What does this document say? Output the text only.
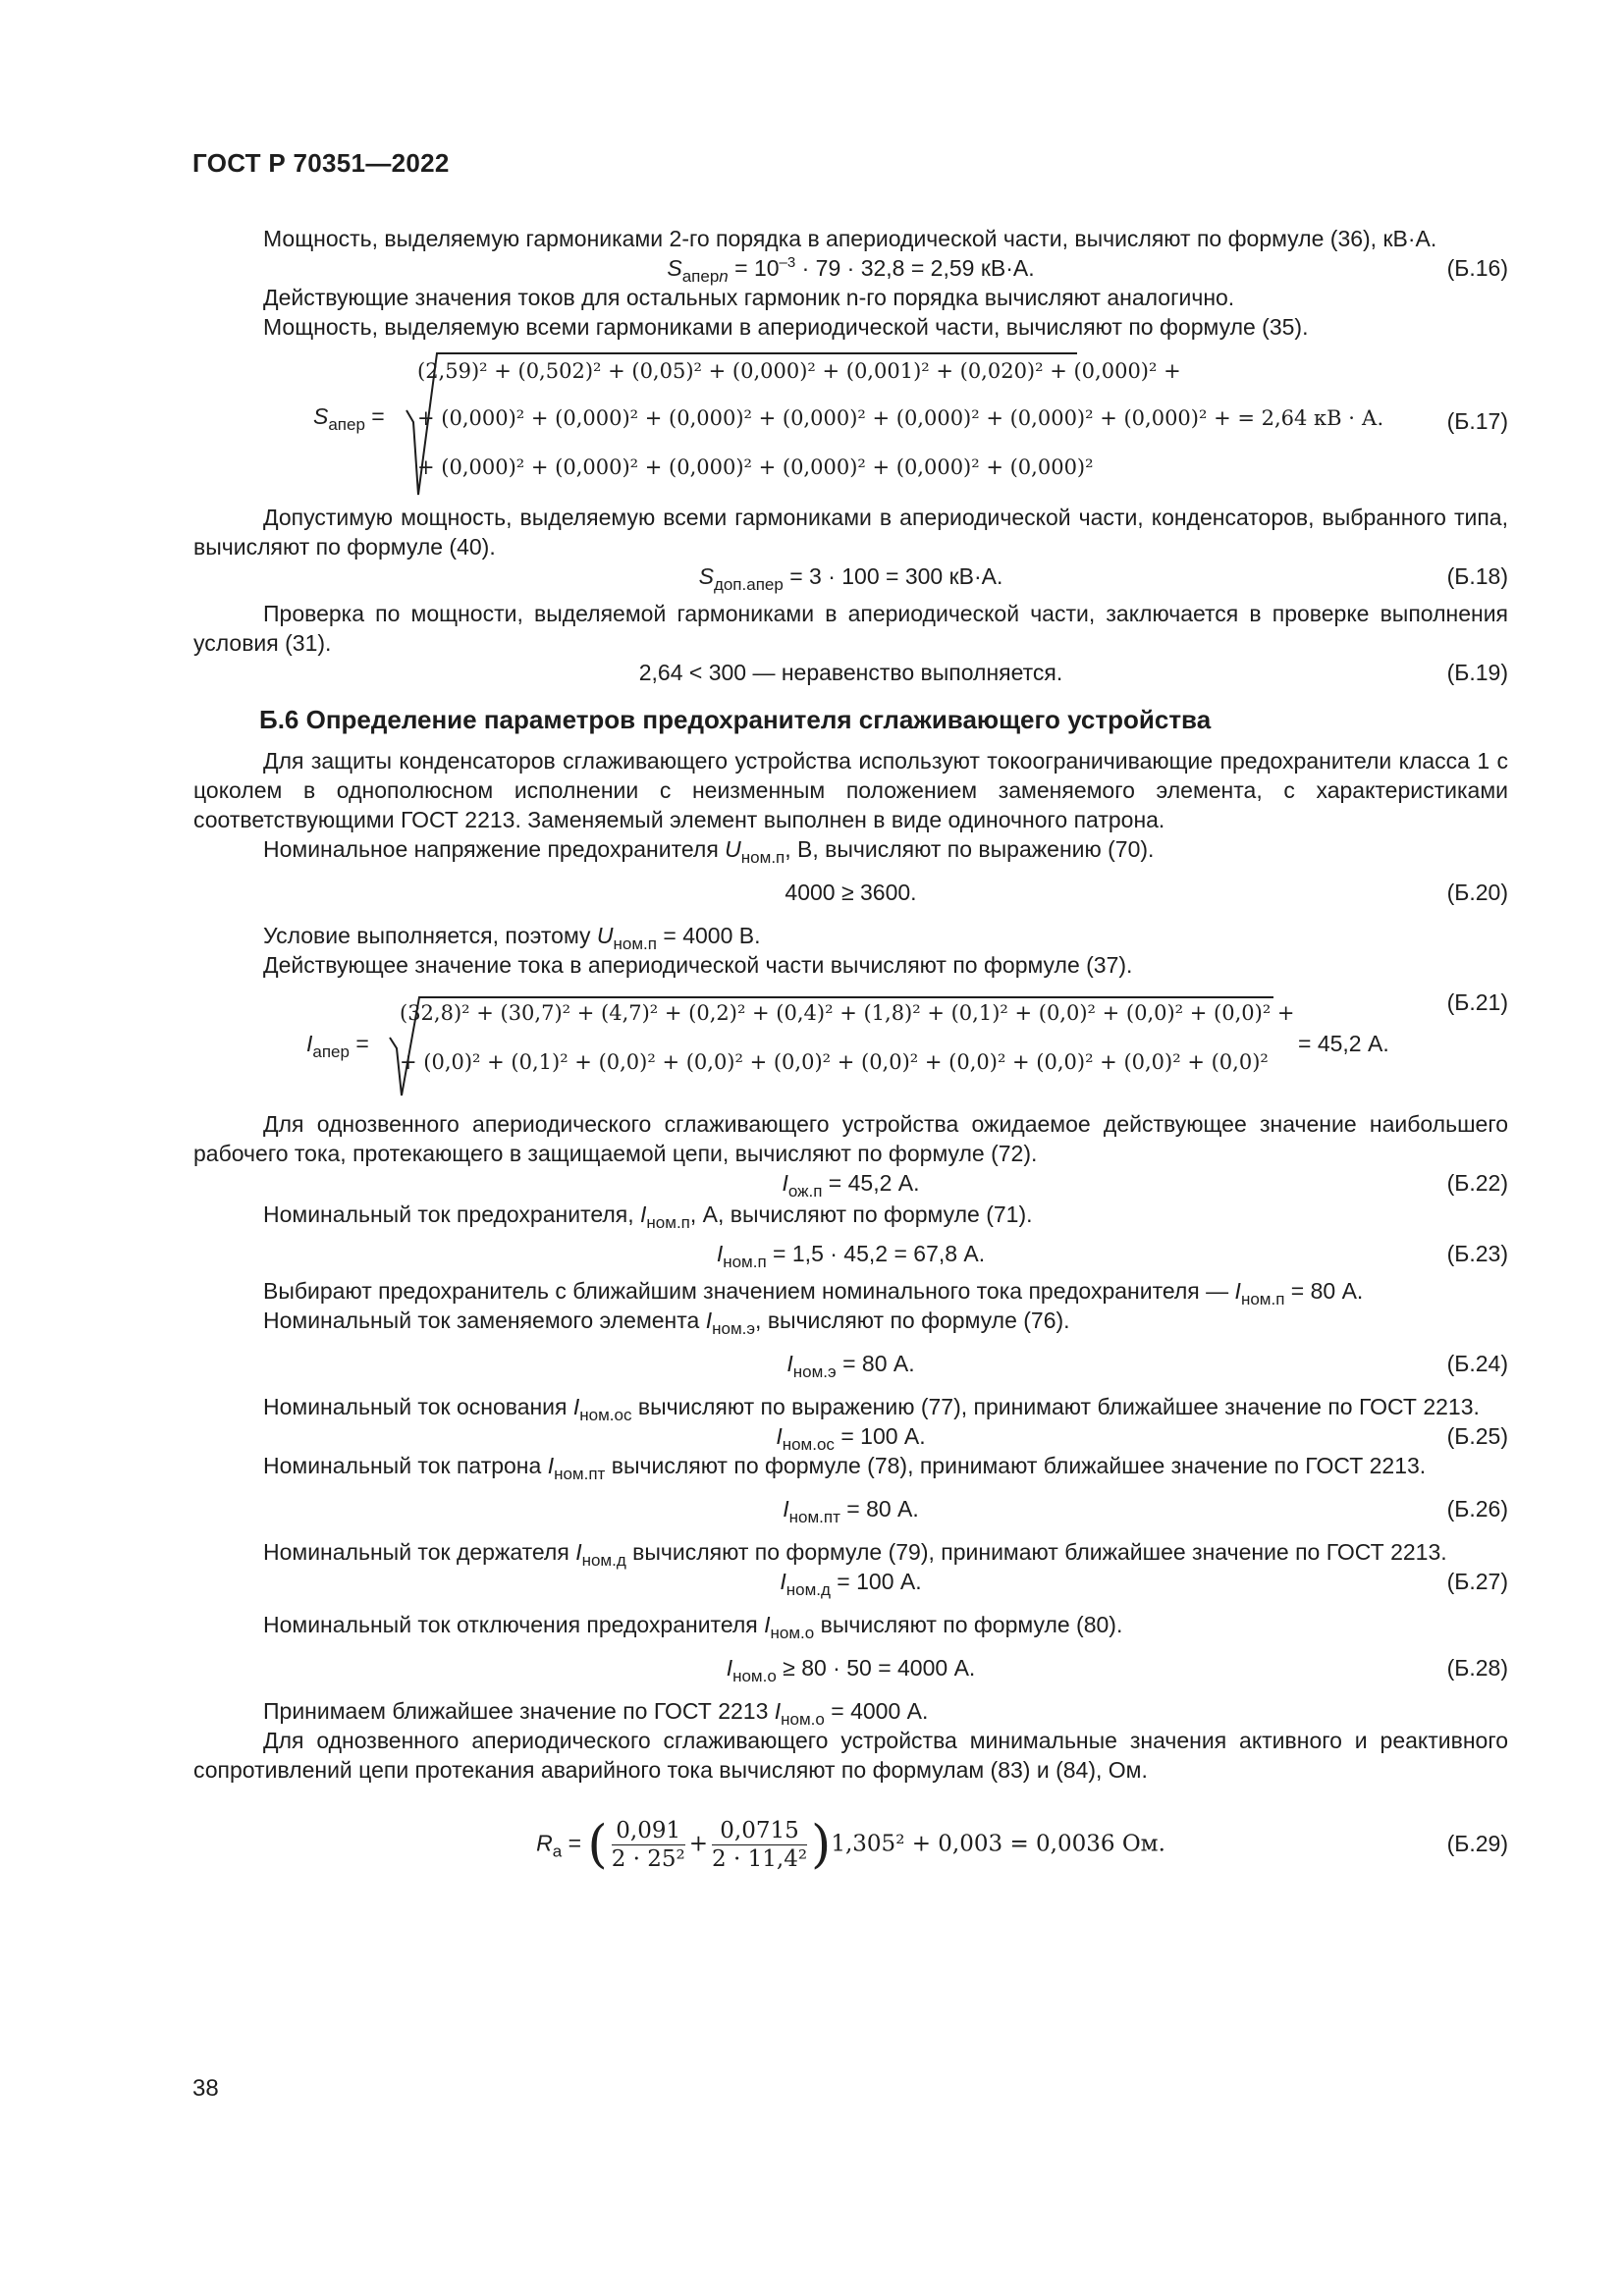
ГОСТ Р 70351—2022

Мощность, выделяемую гармониками 2-го порядка в апериодической части, вычисляют по формуле (36), кВ·А.

$S_{аперn} = 10^{-3} \cdot 79 \cdot 32,8 = 2,59$ кВ·А.	(Б.16)

Действующие значения токов для остальных гармоник n-го порядка вычисляют аналогично.

Мощность, выделяемую всеми гармониками в апериодической части, вычисляют по формуле (35).

$S_{апер}$ =
(2,59)² + (0,502)² + (0,05)² + (0,000)² + (0,001)² + (0,020)² + (0,000)² +
+ (0,000)² + (0,000)² + (0,000)² + (0,000)² + (0,000)² + (0,000)² + (0,000)² + = 2,64 кВ · А.
+ (0,000)² + (0,000)² + (0,000)² + (0,000)² + (0,000)² + (0,000)²
(Б.17)

Допустимую мощность, выделяемую всеми гармониками в апериодической части, конденсаторов, выбранного типа, вычисляют по формуле (40).

$S_{доп.апер} = 3 \cdot 100 = 300$ кВ·А.	(Б.18)

Проверка по мощности, выделяемой гармониками в апериодической части, заключается в проверке выполнения условия (31).

2,64 < 300 — неравенство выполняется.	(Б.19)
Б.6 Определение параметров предохранителя сглаживающего устройства

Для защиты конденсаторов сглаживающего устройства используют токоограничивающие предохранители класса 1 с цоколем в однополюсном исполнении с неизменным положением заменяемого элемента, с характеристиками соответствующими ГОСТ 2213. Заменяемый элемент выполнен в виде одиночного патрона.

Номинальное напряжение предохранителя $U_{ном.п}$, В, вычисляют по выражению (70).

4000 ≥ 3600.	(Б.20)

Условие выполняется, поэтому $U_{ном.п} = 4000$ В.

Действующее значение тока в апериодической части вычисляют по формуле (37).

$I_{апер}$ =
(32,8)² + (30,7)² + (4,7)² + (0,2)² + (0,4)² + (1,8)² + (0,1)² + (0,0)² + (0,0)² + (0,0)² +
+ (0,0)² + (0,1)² + (0,0)² + (0,0)² + (0,0)² + (0,0)² + (0,0)² + (0,0)² + (0,0)² + (0,0)²
= 45,2 А.
(Б.21)

Для однозвенного апериодического сглаживающего устройства ожидаемое действующее значение наибольшего рабочего тока, протекающего в защищаемой цепи, вычисляют по формуле (72).

$I_{ож.п} = 45,2$ А.	(Б.22)

Номинальный ток предохранителя, $I_{ном.п}$, А, вычисляют по формуле (71).

$I_{ном.п} = 1,5 \cdot 45,2 = 67,8$ А.	(Б.23)

Выбирают предохранитель с ближайшим значением номинального тока предохранителя — $I_{ном.п} = 80$ А.

Номинальный ток заменяемого элемента $I_{ном.э}$, вычисляют по формуле (76).

$I_{ном.э} = 80$ А.	(Б.24)

Номинальный ток основания $I_{ном.ос}$ вычисляют по выражению (77), принимают ближайшее значение по ГОСТ 2213.

$I_{ном.ос} = 100$ А.	(Б.25)

Номинальный ток патрона $I_{ном.пт}$ вычисляют по формуле (78), принимают ближайшее значение по ГОСТ 2213.

$I_{ном.пт} = 80$ А.	(Б.26)

Номинальный ток держателя $I_{ном.д}$ вычисляют по формуле (79), принимают ближайшее значение по ГОСТ 2213.

$I_{ном.д} = 100$ А.	(Б.27)

Номинальный ток отключения предохранителя $I_{ном.о}$ вычисляют по формуле (80).

$I_{ном.о} \ge 80 \cdot 50 = 4000$ А.	(Б.28)

Принимаем ближайшее значение по ГОСТ 2213 $I_{ном.о} = 4000$ А.

Для однозвенного апериодического сглаживающего устройства минимальные значения активного и реактивного сопротивлений цепи протекания аварийного тока вычисляют по формулам (83) и (84), Ом.

$R_а$ = ( $\frac{0,091}{\text{2 · 25²}} + \frac{0,0715}{\text{2 · 11,4²}} )1,305^2 + 0,003 = 0,0036$ Ом.	(Б.29)
38
